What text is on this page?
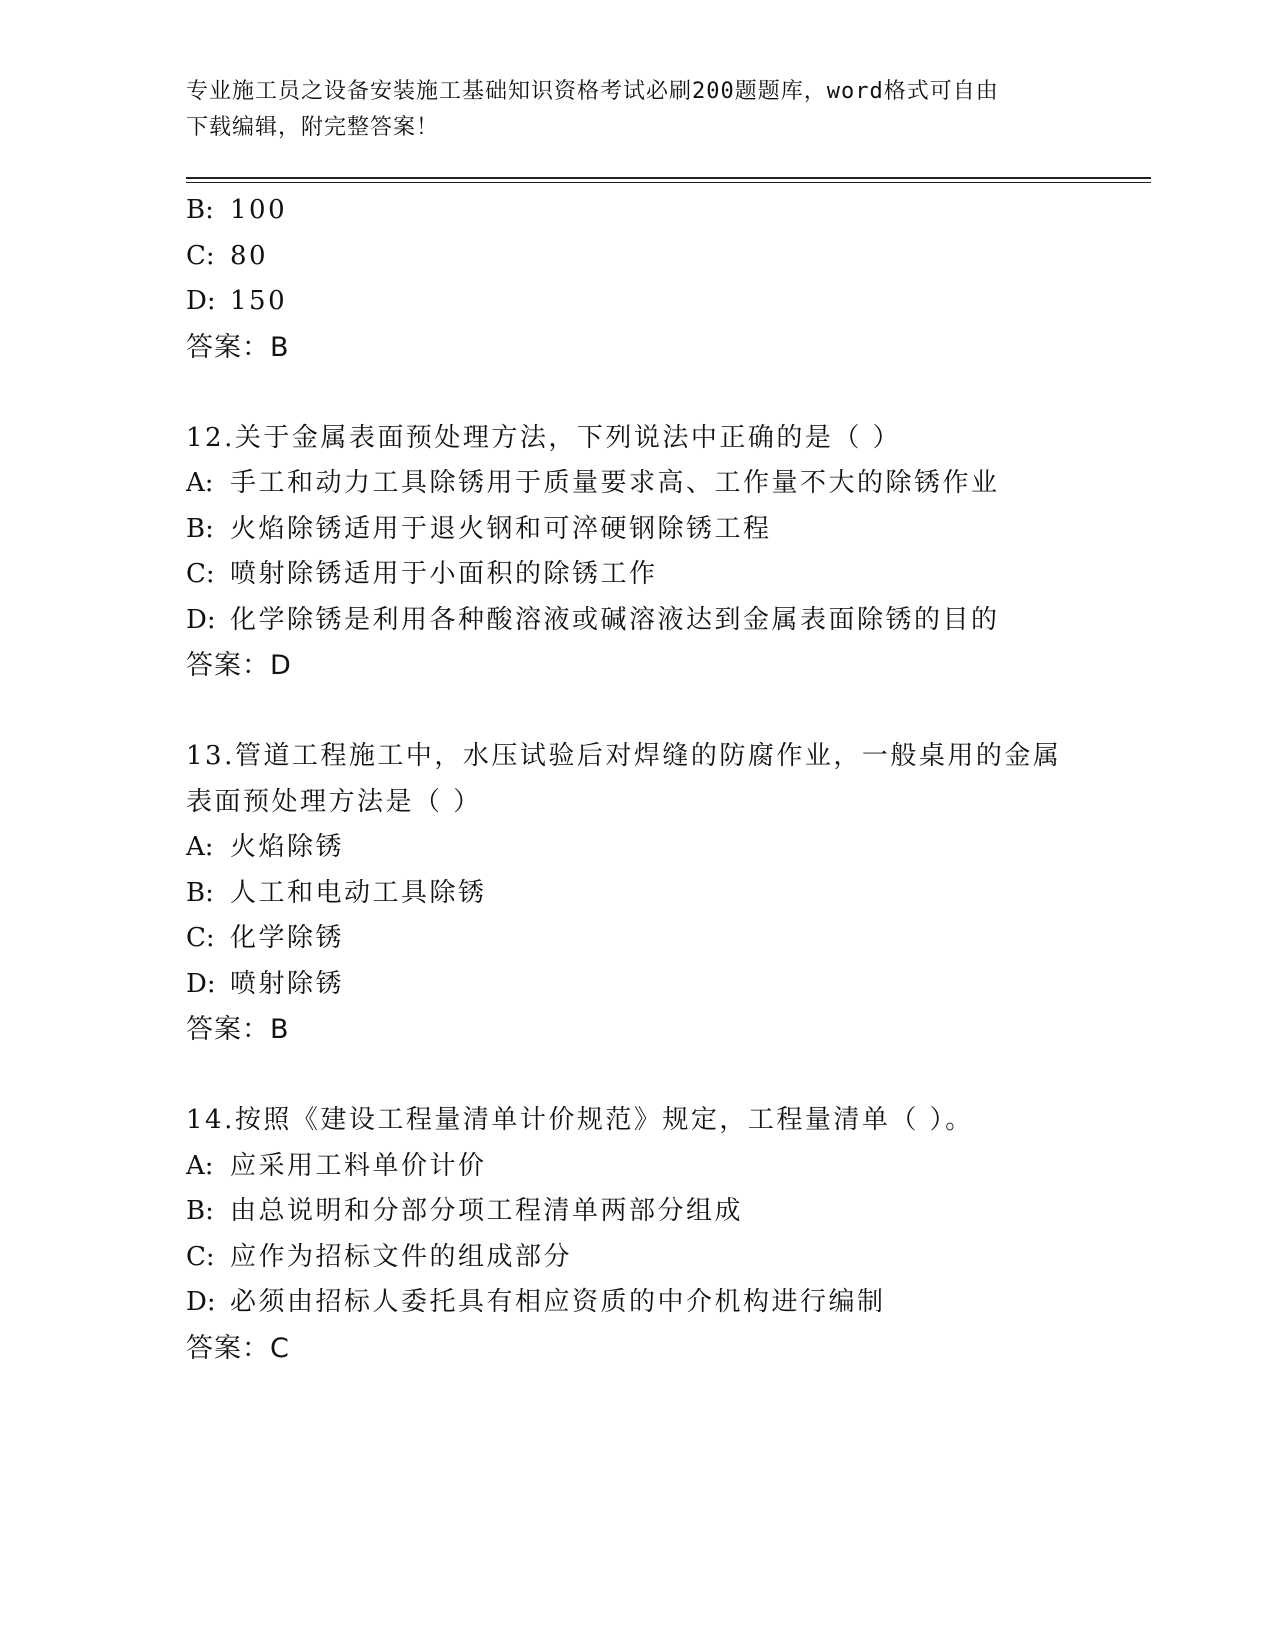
专业施工员之设备安装施工基础知识资格考试必刷200题题库，word格式可自由
下载编辑，附完整答案！
B: 100
C: 80
D: 150
答案：B
12.关于金属表面预处理方法，下列说法中正确的是（ ）
A: 手工和动力工具除锈用于质量要求高、工作量不大的除锈作业
B: 火焰除锈适用于退火钢和可淬硬钢除锈工程
C: 喷射除锈适用于小面积的除锈工作
D: 化学除锈是利用各种酸溶液或碱溶液达到金属表面除锈的目的
答案：D
13.管道工程施工中，水压试验后对焊缝的防腐作业，一般桌用的金属
表面预处理方法是（ ）
A: 火焰除锈
B: 人工和电动工具除锈
C: 化学除锈
D: 喷射除锈
答案：B
14.按照《建设工程量清单计价规范》规定，工程量清单（ ）。
A: 应采用工料单价计价
B: 由总说明和分部分项工程清单两部分组成
C: 应作为招标文件的组成部分
D: 必须由招标人委托具有相应资质的中介机构进行编制
答案：C
